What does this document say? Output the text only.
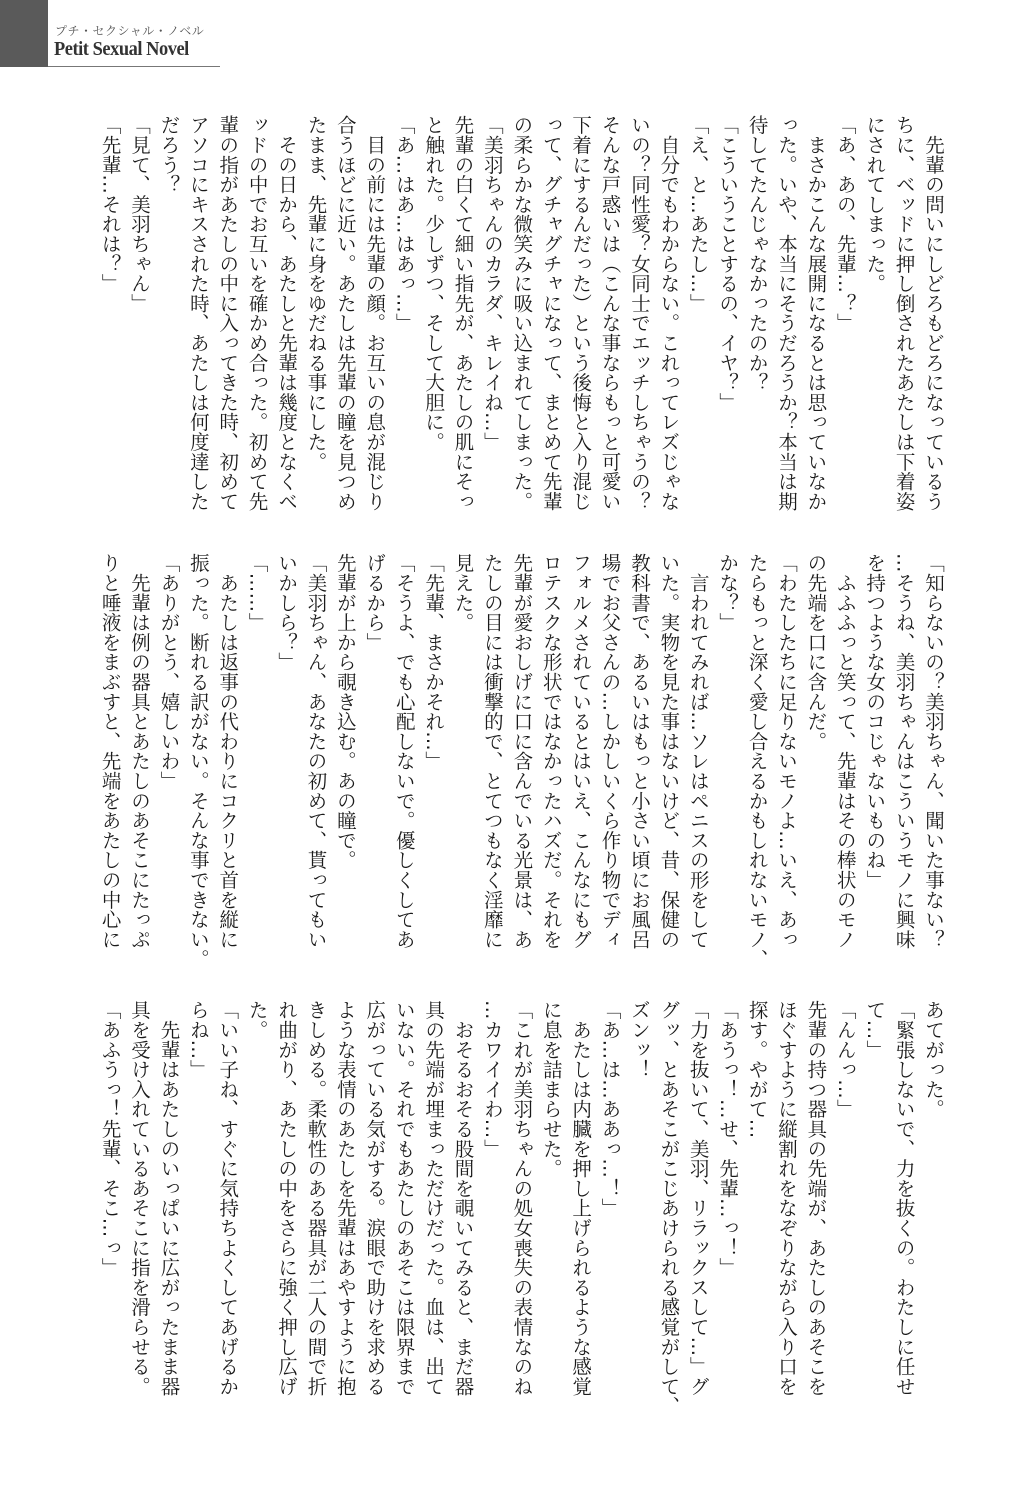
プチ・セクシャル・ノベル
Petit Sexual Novel
　先輩の問いにしどろもどろになっているう
ちに、ベッドに押し倒されたあたしは下着姿
にされてしまった。
「あ、あの、先輩…？」
　まさかこんな展開になるとは思っていなか
った。いや、本当にそうだろうか？本当は期
待してたんじゃなかったのか？
「こういうことするの、イヤ？」
「え、と…あたし…」
　自分でもわからない。これってレズじゃな
いの？同性愛？女同士でエッチしちゃうの？
そんな戸惑いは（こんな事ならもっと可愛い
下着にするんだった）という後悔と入り混じ
って、グチャグチャになって、まとめて先輩
の柔らかな微笑みに吸い込まれてしまった。
「美羽ちゃんのカラダ、キレイね…」
先輩の白くて細い指先が、あたしの肌にそっ
と触れた。少しずつ、そして大胆に。
「あ…はあ…はあっ…」
　目の前には先輩の顔。お互いの息が混じり
合うほどに近い。あたしは先輩の瞳を見つめ
たまま、先輩に身をゆだねる事にした。
　その日から、あたしと先輩は幾度となくベ
ッドの中でお互いを確かめ合った。初めて先
輩の指があたしの中に入ってきた時、初めて
アソコにキスされた時、あたしは何度達した
だろう？
「見て、美羽ちゃん」
「先輩…それは？」
「知らないの？美羽ちゃん、聞いた事ない？
…そうね、美羽ちゃんはこういうモノに興味
を持つような女のコじゃないものね」
　ふふふっと笑って、先輩はその棒状のモノ
の先端を口に含んだ。
「わたしたちに足りないモノよ…いえ、あっ
たらもっと深く愛し合えるかもしれないモノ、
かな？」
　言われてみれば…ソレはペニスの形をして
いた。実物を見た事はないけど、昔、保健の
教科書で、あるいはもっと小さい頃にお風呂
場でお父さんの…しかしいくら作り物でディ
フォルメされているとはいえ、こんなにもグ
ロテスクな形状ではなかったハズだ。それを
先輩が愛おしげに口に含んでいる光景は、あ
たしの目には衝撃的で、とてつもなく淫靡に
見えた。
「先輩、まさかそれ…」
「そうよ、でも心配しないで。優しくしてあ
げるから」
先輩が上から覗き込む。あの瞳で。
「美羽ちゃん、あなたの初めて、貰ってもい
いかしら？」
「……」
　あたしは返事の代わりにコクリと首を縦に
振った。断れる訳がない。そんな事できない。
「ありがとう、嬉しいわ」
　先輩は例の器具とあたしのあそこにたっぷ
りと唾液をまぶすと、先端をあたしの中心に
あてがった。
「緊張しないで、力を抜くの。わたしに任せ
て…」
「んんっ…」
先輩の持つ器具の先端が、あたしのあそこを
ほぐすように縦割れをなぞりながら入り口を
探す。やがて…
「あうっ！…せ、先輩…っ！」
「力を抜いて、美羽、リラックスして…」グ
グッ、とあそこがこじあけられる感覚がして、
ズンッ！
「あ…は…ああっ…！」
　あたしは内臓を押し上げられるような感覚
に息を詰まらせた。
「これが美羽ちゃんの処女喪失の表情なのね
…カワイイわ…」
　おそるおそる股間を覗いてみると、まだ器
具の先端が埋まっただけだった。血は、出て
いない。それでもあたしのあそこは限界まで
広がっている気がする。涙眼で助けを求める
ような表情のあたしを先輩はあやすように抱
きしめる。柔軟性のある器具が二人の間で折
れ曲がり、あたしの中をさらに強く押し広げ
た。
「いい子ね、すぐに気持ちよくしてあげるか
らね…」
　先輩はあたしのいっぱいに広がったまま器
具を受け入れているあそこに指を滑らせる。
「あふうっ！先輩、そこ…っ」
